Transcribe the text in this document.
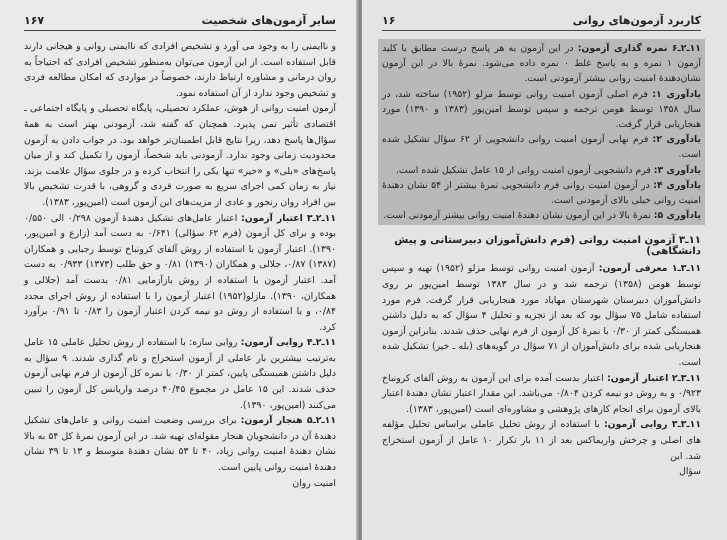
سایر آزمون‌های شخصیت
۱۶۷

و ناایمنی را به وجود می آورد و تشخیص افرادی که ناایمنی روانی و هیجانی دارند قابل استفاده است. از این آزمون می‌توان به‌منظور تشخیص افرادی که احتیاجاً به روان درمانی و مشاوره ارتباط دارند، خصوصاً در مواردی که امکان مطالعه فردی و تشخیص وجود ندارد از آن استفاده نمود.

آزمون امنیت روانی از هوش، عملکرد تحصیلی، پایگاه تحصیلی و پایگاه اجتماعی ـ اقتصادی تأثیر نمی پذیرد. همچنان که گفته شد، آزمودنی بهتر است به همهٔ سؤال‌ها پاسخ دهد، زیرا نتایج قابل اطمینان‌تر خواهد بود. در جواب دادن به آزمون محدودیت زمانی وجود ندارد. آزمودنی باید شخصاً، آزمون را تکمیل کند و از میان پاسخ‌های «بلی» و «خیر» تنها یکی را انتخاب کرده و در جلوی سؤال علامت بزند. نیاز به زمان کمی اجرای سریع به صورت فردی و گروهی، با قدرت تشخیص بالا بین افراد روان رنجور و عادی از مزیت‌های این آزمون است (امین‌پور، ۱۳۸۳).

۱۱ـ۲ـ۳ اعتبار آزمون: اعتبار عامل‌های تشکیل دهندهٔ آزمون ۰/۲۹۸ الی ۰/۵۵۰ بوده و برای کل آزمون (فرم ۶۲ سؤالی) ۰/۶۴۱ به دست آمد (زارع و امین‌پور، ۱۳۹۰). اعتبار آزمون با استفاده از روش آلفای کرونباخ توسط رجبایی و همکاران (۱۳۸۷) ۰/۸۷، جلالی و همکاران (۱۳۹۰) ۰/۸۱ و حق طلب (۱۳۷۳) ۰/۹۳۳ به دست آمد. اعتبار آزمون با استفاده از روش بازآزمایی ۰/۸۱ بدست آمد (جلالی و همکاران، ۱۳۹۰). مازلو(۱۹۵۲) اعتبار آزمون را با استفاده از روش اجرای مجدد ۰/۸۴، و با استفاده از روش دو نیمه کردن اعتبار آزمون را ۰/۸۳ تا ۰/۹۱ برآورد کرد.

۱۱ـ۲ـ۴ روایی آزمون: روایی سازه: با استفاده از روش تحلیل عاملی ۱۵ عامل به‌ترتیب بیشترین بار عاملی از آزمون استخراج و نام گذاری شدند. ۹ سؤال به دلیل داشتن همبستگی پایین، کمتر از ۰/۳۰ با نمره کل آزمون از فرم نهایی آزمون حذف شدند. این ۱۵ عامل در مجموع ۴۰/۴۵ درصد واریانس کل آزمون را تبیین می‌کنند (امین‌پور، ۱۳۹۰).

۱۱ـ۲ـ۵ هنجار آزمون: برای بررسی وضعیت امنیت روانی و عامل‌های تشکیل دهندهٔ آن در دانشجویان هنجار مقوله‌ای تهیه شد. در این آزمون نمرهٔ کل ۵۴ به بالا نشان دهندهٔ امنیت روانی زیاد، ۴۰ تا ۵۳ نشان دهندهٔ متوسط و ۱۳ تا ۳۹ نشان دهندهٔ امنیت روانی پایین است.

امنیت روان

کاربرد آزمون‌های روانی
۱۶

۱۱ـ۲ـ۶ نمره گذاری آزمون: در این آزمون به هر پاسخ درست مطابق با کلید آزمون ۱ نمره و به پاسخ غلط ۰ نمره داده می‌شود. نمرهٔ بالا در این آزمون نشان‌دهندهٔ امنیت روانی بیشتر آزمودنی است.

یادآوری ۱: فرم اصلی آزمون امنیت روانی توسط مزلو (۱۹۵۲) ساخته شد، در سال ۱۳۵۸ توسط هومن ترجمه و سپس توسط امین‌پور (۱۳۸۳ و ۱۳۹۰) مورد هنجاریابی قرار گرفت.

یادآوری ۲: فرم نهایی آزمون امنیت روانی دانشجویی از ۶۲ سؤال تشکیل شده است.

یادآوری ۳: فرم دانشجویی آزمون امنیت روانی از ۱۵ عامل تشکیل شده است.

یادآوری ۴: در آزمون امنیت روانی فرم دانشجویی نمرهٔ بیشتر از ۵۴ نشان دهندهٔ امنیت روانی خیلی بالای آزمودنی است.

یادآوری ۵: نمرهٔ بالا در این آزمون نشان دهندهٔ امنیت روانی بیشتر آزمودنی است.

۱۱ـ۳ آزمون امنیت روانی (فرم دانش‌آموزان دبیرستانی و پیش دانشگاهی)

۱۱ـ۳ـ۱ معرفی آزمون: آزمون امنیت روانی توسط مزلو (۱۹۵۲) تهیه و سپس توسط هومن (۱۳۵۸) ترجمه شد و در سال ۱۳۸۳ توسط امین‌پور بر روی دانش‌آموزان دبیرستان شهرستان مهاباد مورد هنجاریابی قرار گرفت. فرم مورد استفاده شامل ۷۵ سؤال بود که بعد از تجزیه و تحلیل ۴ سؤال که به دلیل داشتن همبستگی کمتر از ۰/۳۰ با نمرهٔ کل آزمون از فرم نهایی حذف شدند. بنابراین آزمون هنجاریابی شده برای دانش‌آموزان از ۷۱ سؤال در گویه‌های (بله ـ خیر) تشکیل شده است.

۱۱ـ۳ـ۲ اعتبار آزمون: اعتبار بدست آمده برای این آزمون به روش آلفای کرونباخ ۰/۹۲۳ و به روش دو نیمه کردن ۰/۸۰۴ می‌باشد. این مقدار اعتبار نشان دهندهٔ اعتبار بالای آزمون برای انجام کارهای پژوهشی و مشاوره‌ای است (امین‌پور، ۱۳۸۳).

۱۱ـ۳ـ۳ روایی آزمون: با استفاده از روش تحلیل عاملی براساس تحلیل مؤلفه های اصلی و چرخش واریماکس بعد از ۱۱ بار تکرار ۱۰ عامل از آزمون استخراج شد. این

سؤال
